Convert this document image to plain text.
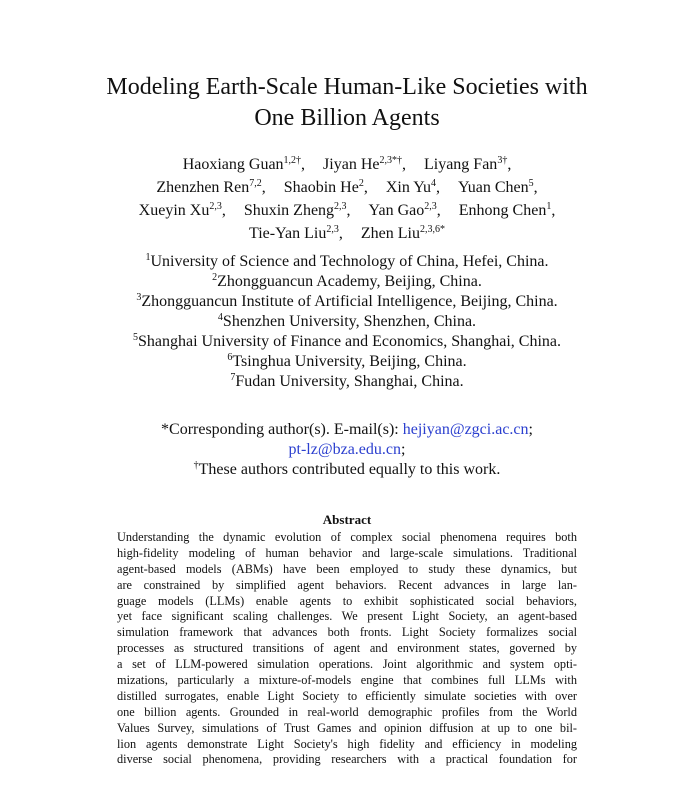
Modeling Earth-Scale Human-Like Societies with
One Billion Agents
Haoxiang Guan$^{1,2\dagger}$, Jiyan $He^{2,3*\dagger}$, Liyang Fan$^{3\dagger}$,
Zhenzhen Ren$^{7,2}$, Shaobin He$^2$, Xin Yu$^4$, Yuan Chen$^5$,
Xueyin Xu$^{2,3}$, Shuxin Zheng$^{2,3}$, Yan Gao$^{2,3}$, Enhong Chen$^1$,
Tie-Yan Liu$^{2,3}$, Zhen Liu$^{2,3,6*}$
$^1$University of Science and Technology of China, Hefei, China.
$^2$Zhongguancun Academy, Beijing, China.
$^3$Zhongguancun Institute of Artificial Intelligence, Beijing, China.
$^4$Shenzhen University, Shenzhen, China.
$^5$Shanghai University of Finance and Economics, Shanghai, China.
$^6$Tsinghua University, Beijing, China.
$^7$Fudan University, Shanghai, China.
*Corresponding author(s). E-mail(s): hejiyan@zgci.ac.cn;
pt-lz@bza.edu.cn;
†These authors contributed equally to this work.
Abstract
Understanding the dynamic evolution of complex social phenomena requires both
high-fidelity modeling of human behavior and large-scale simulations. Traditional
agent-based models (ABMs) have been employed to study these dynamics, but
are constrained by simplified agent behaviors. Recent advances in large lan-
guage models (LLMs) enable agents to exhibit sophisticated social behaviors,
yet face significant scaling challenges. We present Light Society, an agent-based
simulation framework that advances both fronts. Light Society formalizes social
processes as structured transitions of agent and environment states, governed by
a set of LLM-powered simulation operations. Joint algorithmic and system opti-
mizations, particularly a mixture-of-models engine that combines full LLMs with
distilled surrogates, enable Light Society to efficiently simulate societies with over
one billion agents. Grounded in real-world demographic profiles from the World
Values Survey, simulations of Trust Games and opinion diffusion at up to one bil-
lion agents demonstrate Light Society's high fidelity and efficiency in modeling
diverse social phenomena, providing researchers with a practical foundation for
